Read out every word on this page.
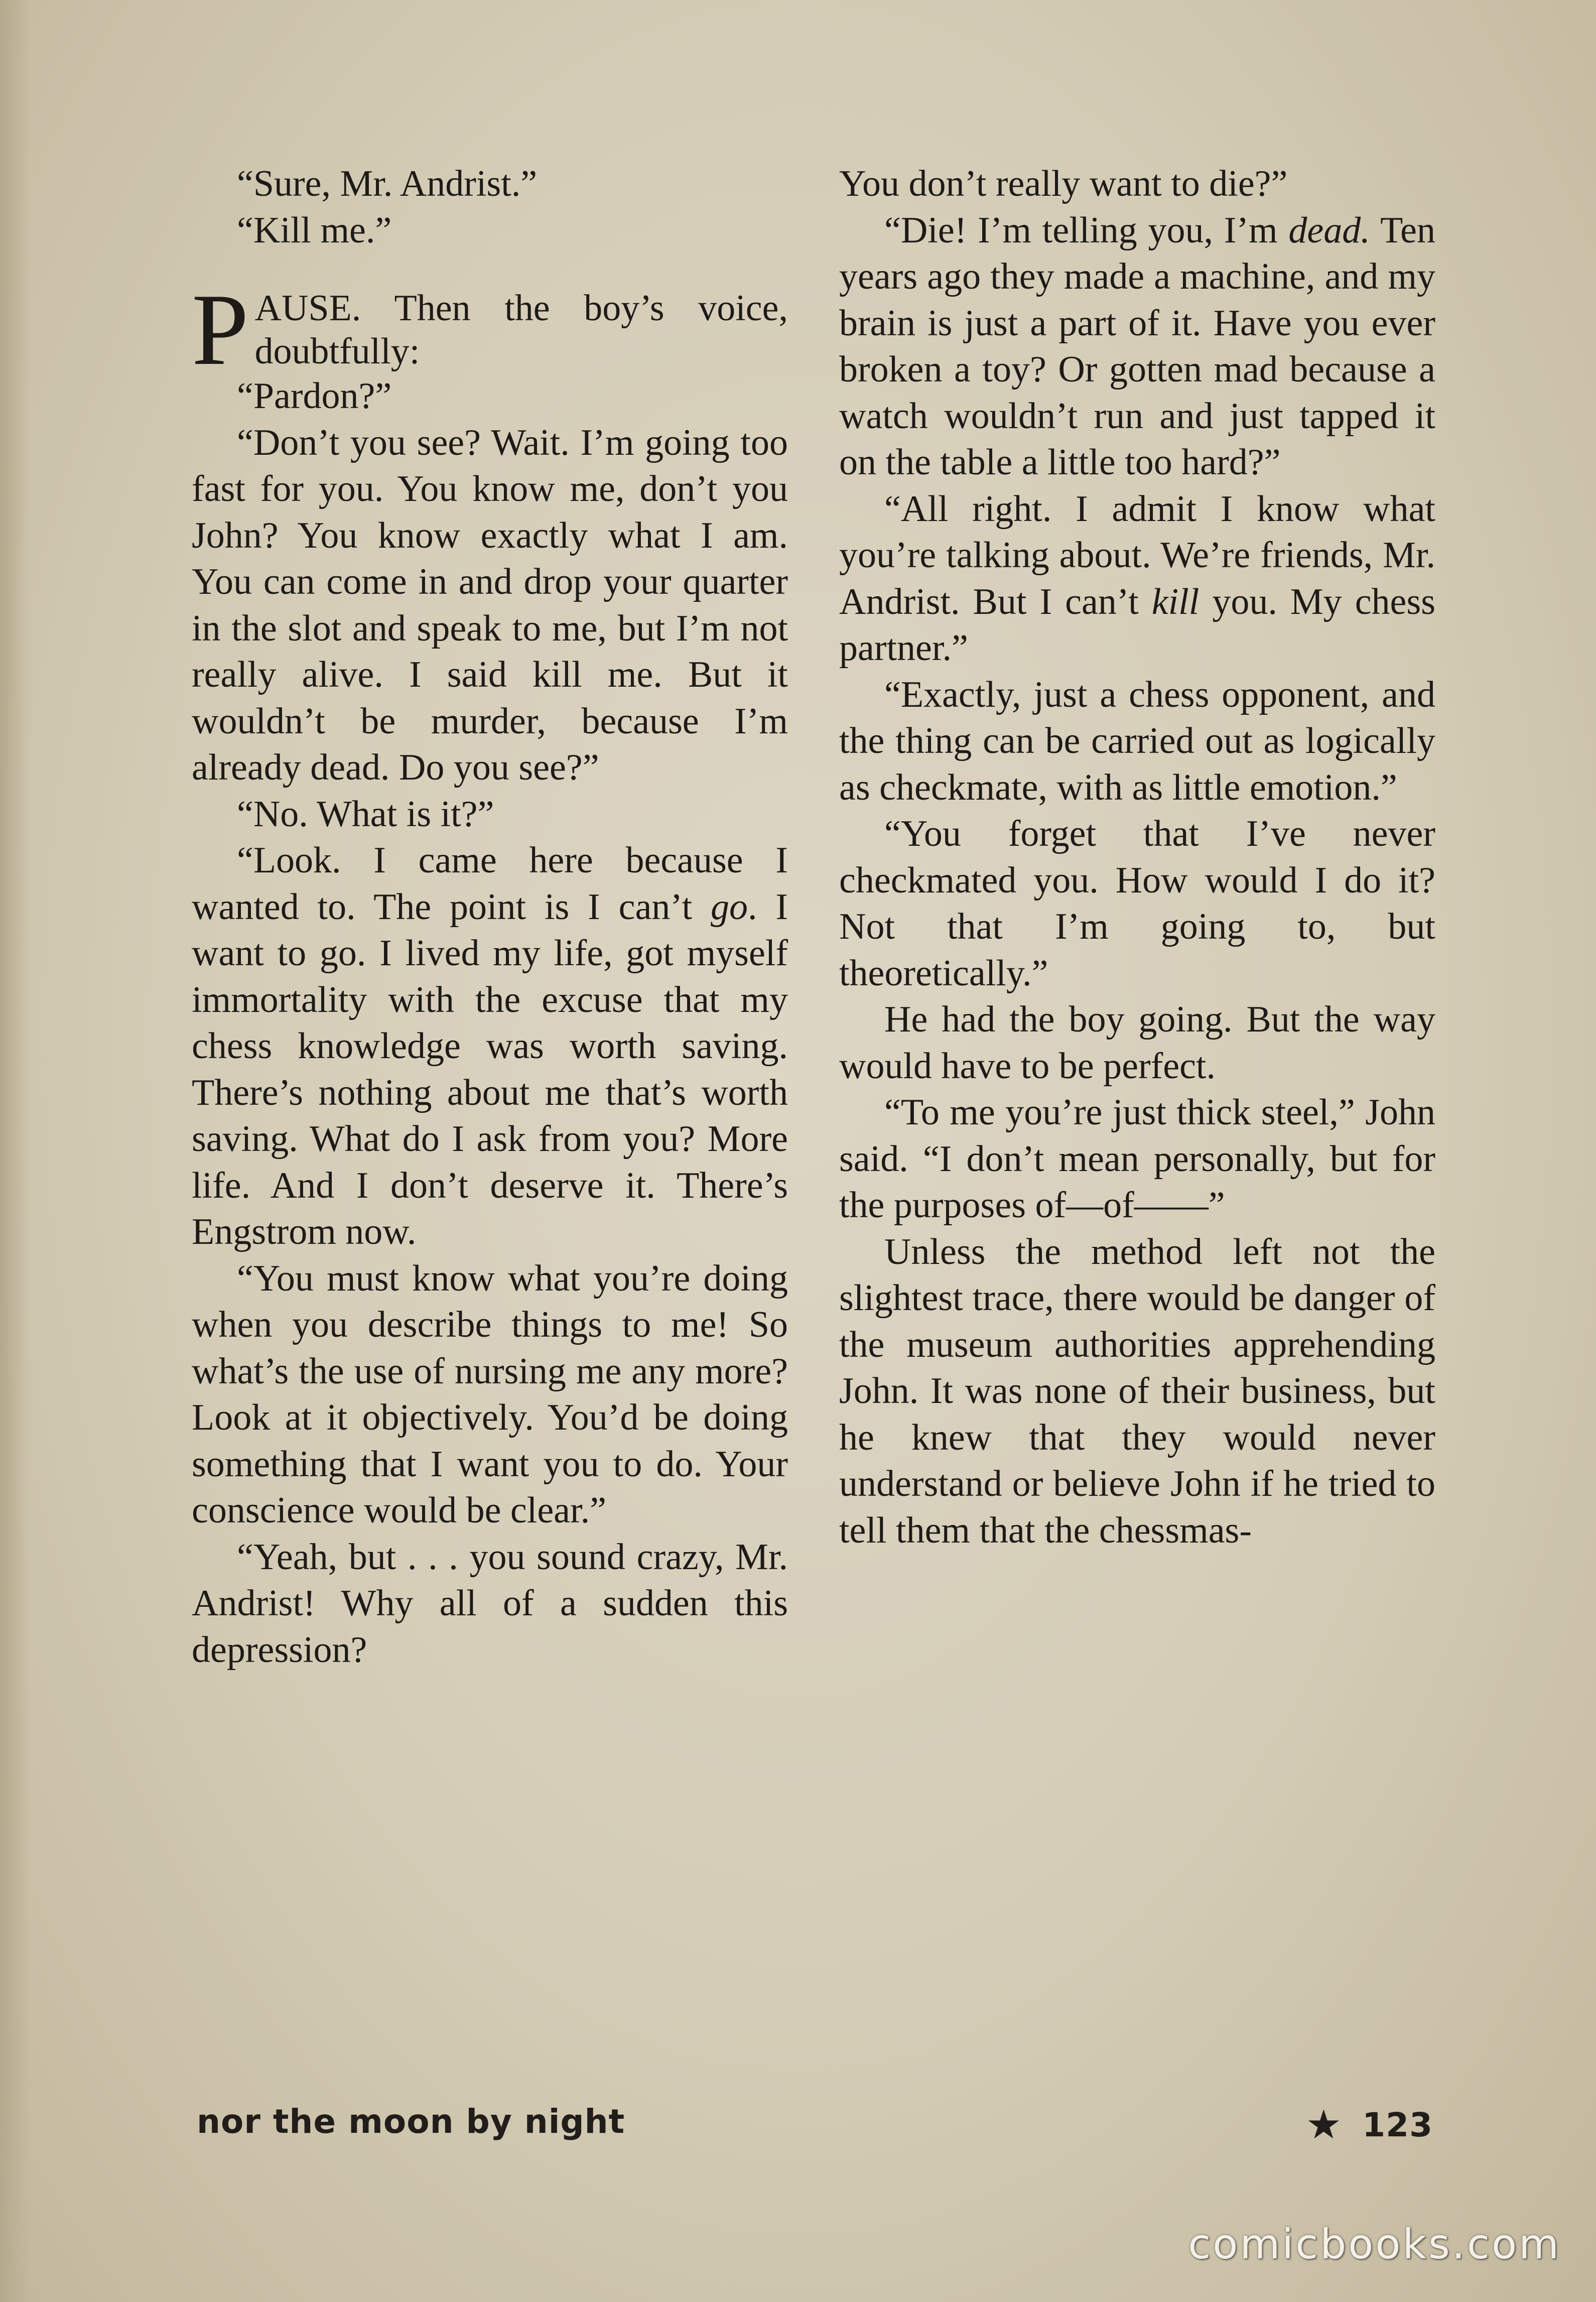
“Sure, Mr. Andrist.”

“Kill me.”

PAUSE. Then the boy’s voice, doubtfully:

“Pardon?”

“Don’t you see? Wait. I’m going too fast for you. You know me, don’t you John? You know exactly what I am. You can come in and drop your quarter in the slot and speak to me, but I’m not really alive. I said kill me. But it wouldn’t be murder, because I’m already dead. Do you see?”

“No. What is it?”

“Look. I came here because I wanted to. The point is I can’t go. I want to go. I lived my life, got myself immortality with the excuse that my chess knowledge was worth saving. There’s nothing about me that’s worth saving. What do I ask from you? More life. And I don’t deserve it. There’s Engstrom now.

“You must know what you’re doing when you describe things to me! So what’s the use of nursing me any more? Look at it objectively. You’d be doing something that I want you to do. Your conscience would be clear.”

“Yeah, but . . . you sound crazy, Mr. Andrist! Why all of a sudden this depression?

You don’t really want to die?”

“Die! I’m telling you, I’m dead. Ten years ago they made a machine, and my brain is just a part of it. Have you ever broken a toy? Or gotten mad because a watch wouldn’t run and just tapped it on the table a little too hard?”

“All right. I admit I know what you’re talking about. We’re friends, Mr. Andrist. But I can’t kill you. My chess partner.”

“Exactly, just a chess opponent, and the thing can be carried out as logically as checkmate, with as little emotion.”

“You forget that I’ve never checkmated you. How would I do it? Not that I’m going to, but theoretically.”

He had the boy going. But the way would have to be perfect.

“To me you’re just thick steel,” John said. “I don’t mean personally, but for the purposes of—of——”

Unless the method left not the slightest trace, there would be danger of the museum authorities apprehending John. It was none of their business, but he knew that they would never understand or believe John if he tried to tell them that the chessmas-

nor the moon by night	★ 123
comicbooks.com
